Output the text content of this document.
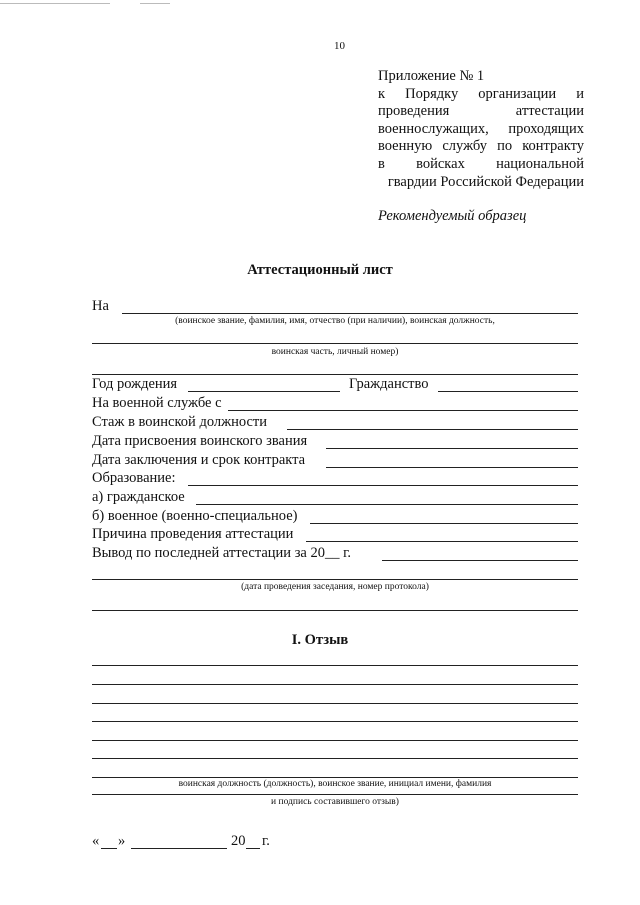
10
Приложение № 1
к Порядку организации и
проведения аттестации
военнослужащих, проходящих
военную службу по контракту
в войсках национальной
гвардии Российской Федерации
Рекомендуемый образец
Аттестационный лист
На
(воинское звание, фамилия, имя, отчество (при наличии), воинская должность,
воинская часть, личный номер)
Год рождения	Гражданство
На военной службе с
Стаж в воинской должности
Дата присвоения воинского звания
Дата заключения и срок контракта
Образование:
а) гражданское
б) военное (военно-специальное)
Причина проведения аттестации
Вывод по последней аттестации за 20__ г.
(дата проведения заседания, номер протокола)
I. Отзыв
воинская должность (должность), воинское звание, инициал имени, фамилия
и подпись составившего отзыв)
« »	20 г.
